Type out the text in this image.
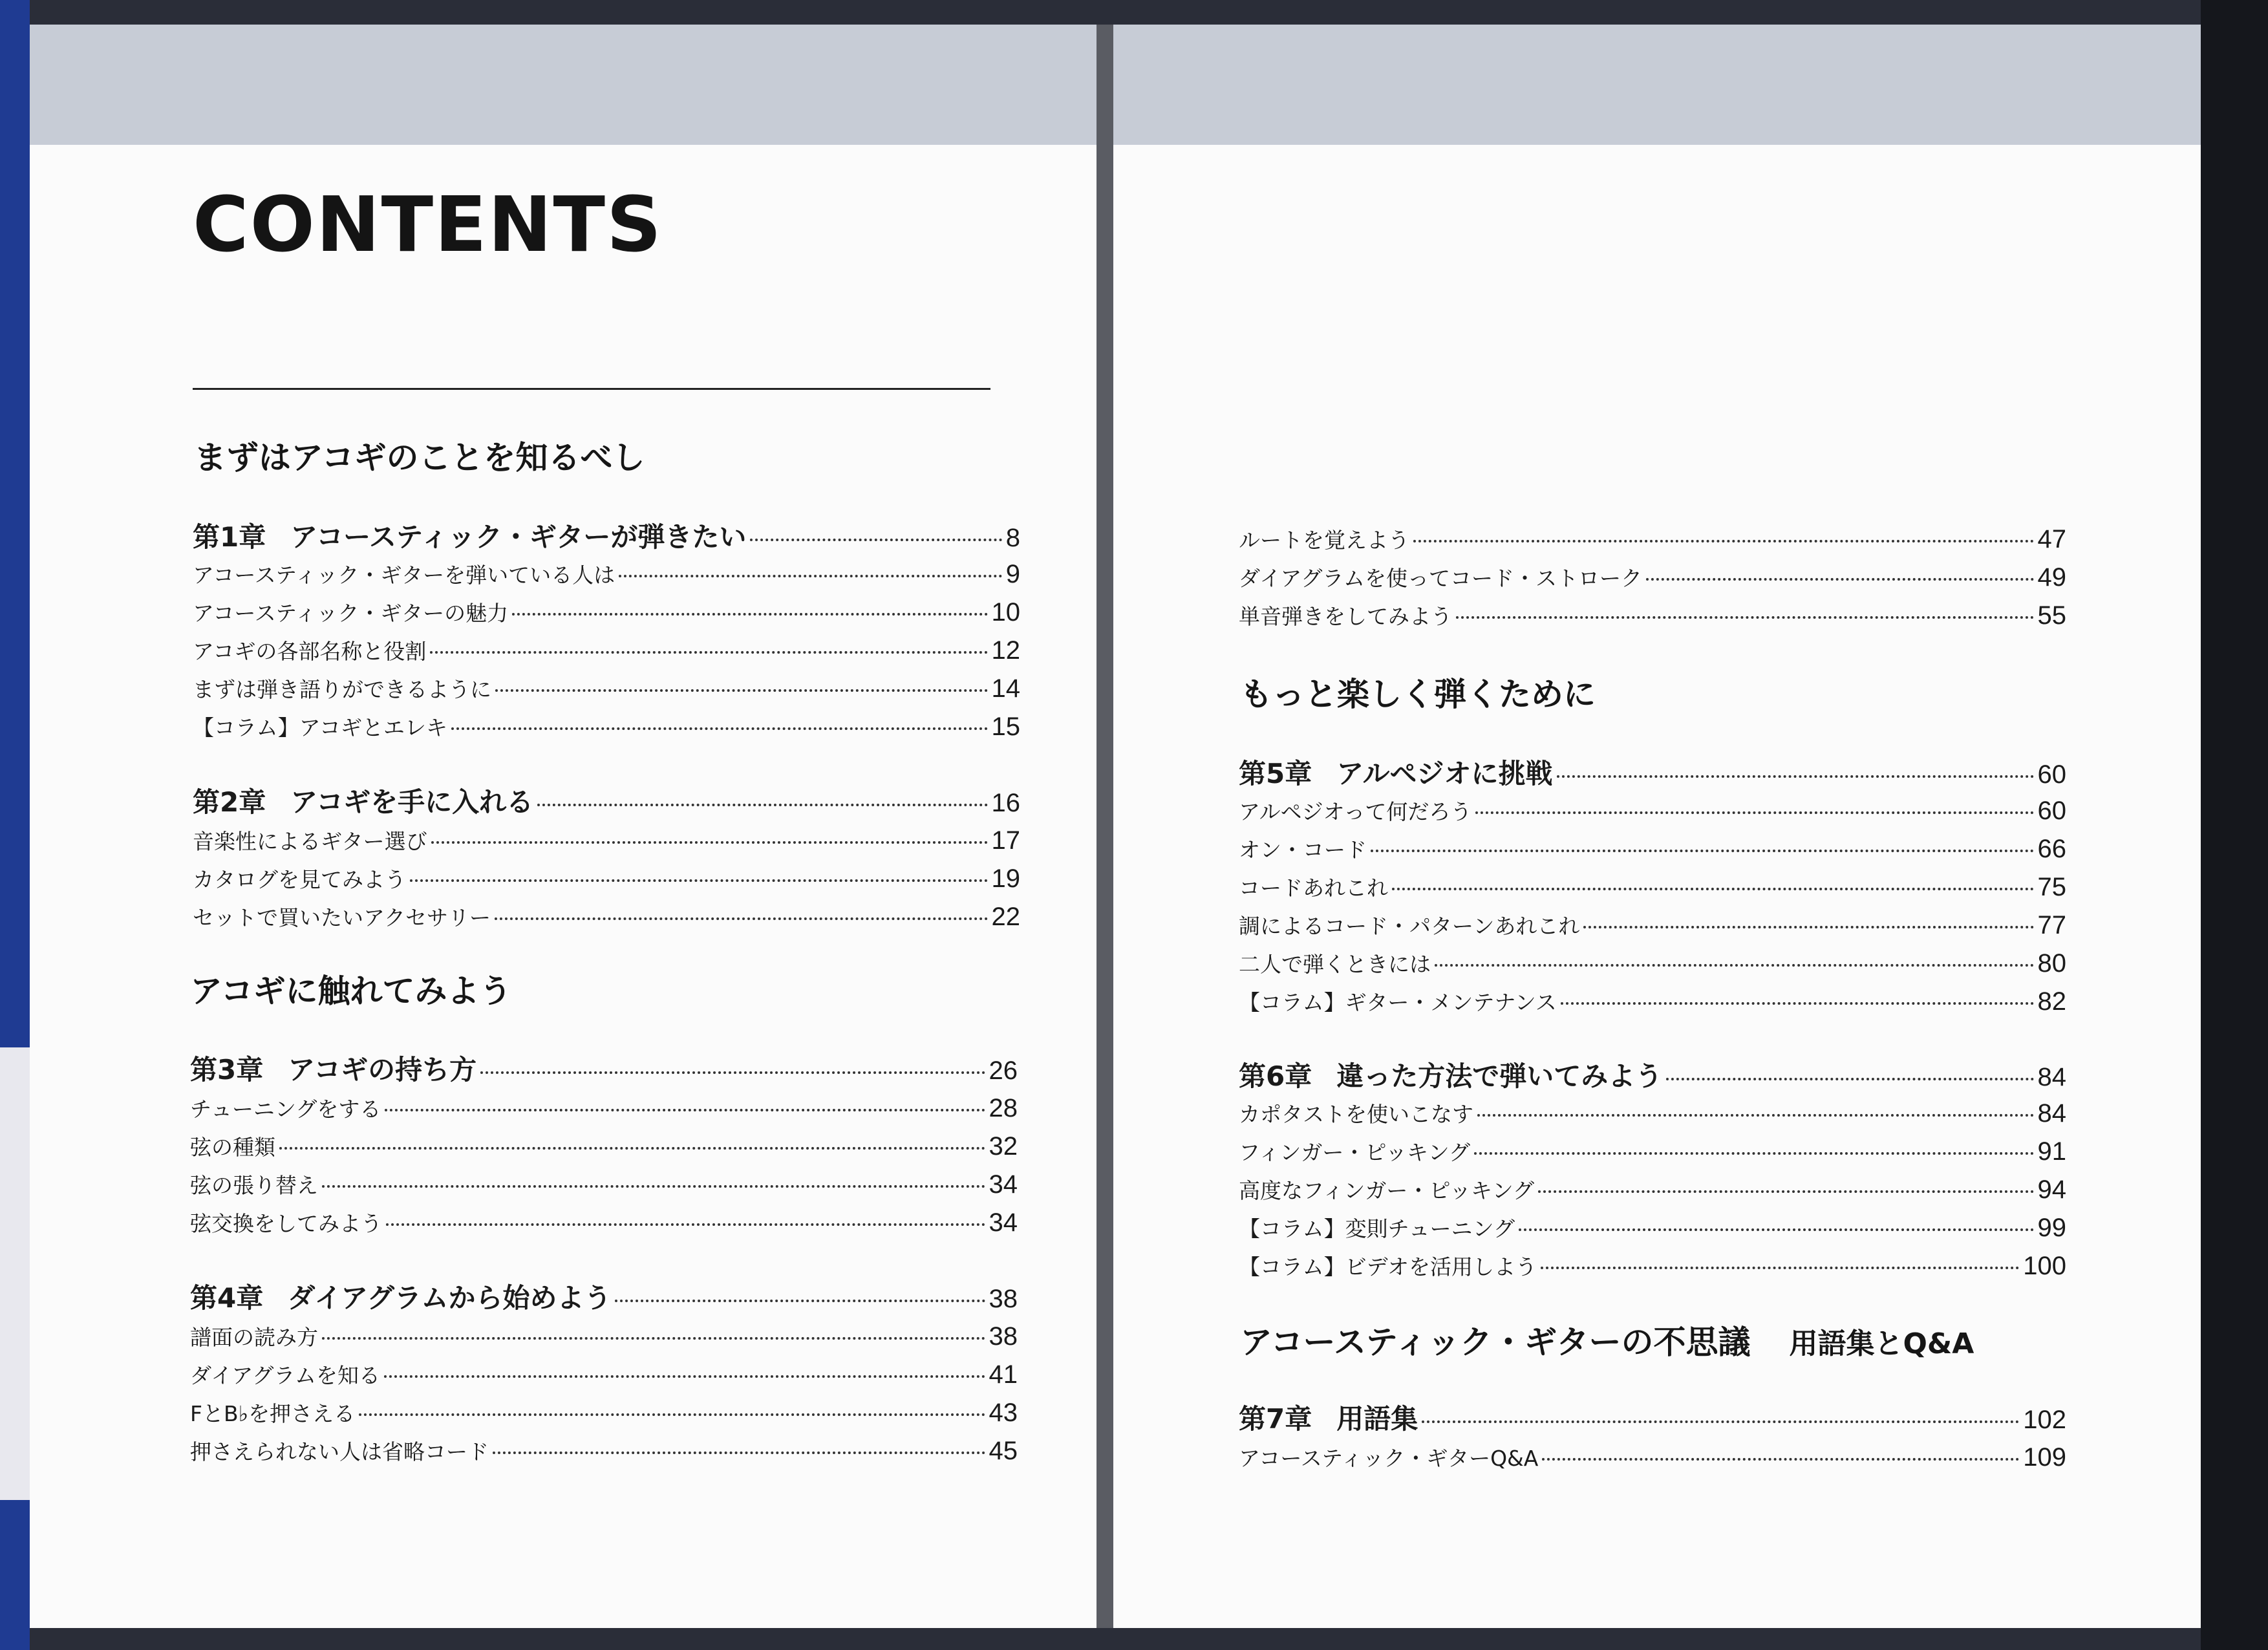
CONTENTS
まずはアコギのことを知るべし
第1章 アコースティック・ギターが弾きたい	8
アコースティック・ギターを弾いている人は	9
アコースティック・ギターの魅力	10
アコギの各部名称と役割	12
まずは弾き語りができるように	14
【コラム】アコギとエレキ	15
第2章 アコギを手に入れる	16
音楽性によるギター選び	17
カタログを見てみよう	19
セットで買いたいアクセサリー	22
アコギに触れてみよう
第3章 アコギの持ち方	26
チューニングをする	28
弦の種類	32
弦の張り替え	34
弦交換をしてみよう	34
第4章 ダイアグラムから始めよう	38
譜面の読み方	38
ダイアグラムを知る	41
FとB♭を押さえる	43
押さえられない人は省略コード	45
ルートを覚えよう	47
ダイアグラムを使ってコード・ストローク	49
単音弾きをしてみよう	55
もっと楽しく弾くために
第5章 アルペジオに挑戦	60
アルペジオって何だろう	60
オン・コード	66
コードあれこれ	75
調によるコード・パターンあれこれ	77
二人で弾くときには	80
【コラム】ギター・メンテナンス	82
第6章 違った方法で弾いてみよう	84
カポタストを使いこなす	84
フィンガー・ピッキング	91
高度なフィンガー・ピッキング	94
【コラム】変則チューニング	99
【コラム】ビデオを活用しよう	100
アコースティック・ギターの不思議 用語集とQ&A
第7章 用語集	102
アコースティック・ギターQ&A	109
